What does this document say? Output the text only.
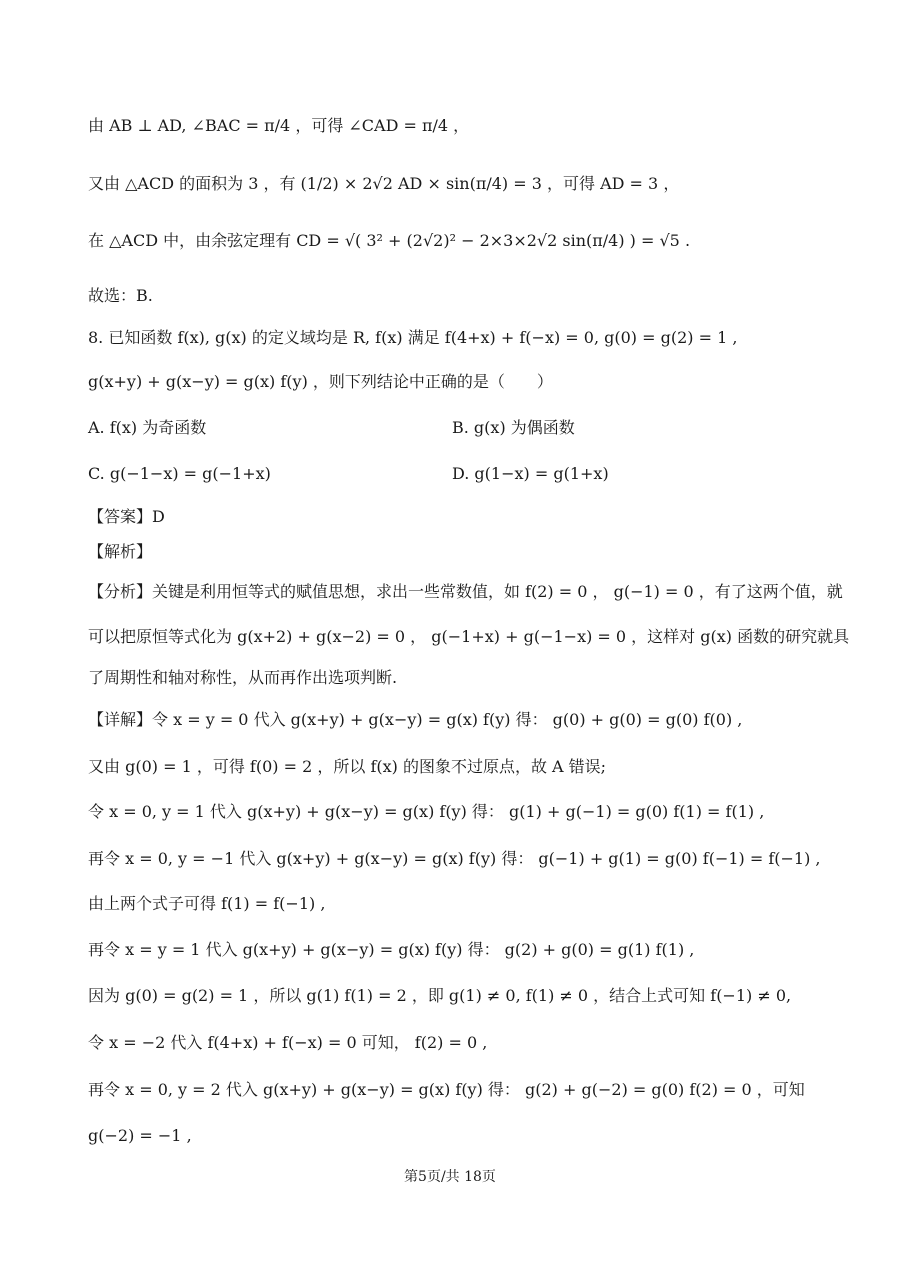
由 AB ⊥ AD, ∠BAC = π/4 ，可得 ∠CAD = π/4 ，
又由 △ACD 的面积为 3 ，有 (1/2) × 2√2 AD × sin(π/4) = 3 ，可得 AD = 3 ，
在 △ACD 中，由余弦定理有 CD = √( 3² + (2√2)² − 2×3×2√2 sin(π/4) ) = √5 .
故选：B.
8. 已知函数 f(x), g(x) 的定义域均是 R, f(x) 满足 f(4+x) + f(−x) = 0, g(0) = g(2) = 1 ,
g(x+y) + g(x−y) = g(x) f(y) ，则下列结论中正确的是（　　）
A. f(x) 为奇函数	B. g(x) 为偶函数
C. g(−1−x) = g(−1+x)	D. g(1−x) = g(1+x)
【答案】D
【解析】
【分析】关键是利用恒等式的赋值思想，求出一些常数值，如 f(2) = 0 ， g(−1) = 0 ，有了这两个值，就
可以把原恒等式化为 g(x+2) + g(x−2) = 0 ， g(−1+x) + g(−1−x) = 0 ，这样对 g(x) 函数的研究就具
了周期性和轴对称性，从而再作出选项判断.
【详解】令 x = y = 0 代入 g(x+y) + g(x−y) = g(x) f(y) 得： g(0) + g(0) = g(0) f(0) ,
又由 g(0) = 1 ，可得 f(0) = 2 ，所以 f(x) 的图象不过原点，故 A 错误;
令 x = 0, y = 1 代入 g(x+y) + g(x−y) = g(x) f(y) 得： g(1) + g(−1) = g(0) f(1) = f(1) ,
再令 x = 0, y = −1 代入 g(x+y) + g(x−y) = g(x) f(y) 得： g(−1) + g(1) = g(0) f(−1) = f(−1) ,
由上两个式子可得 f(1) = f(−1) ,
再令 x = y = 1 代入 g(x+y) + g(x−y) = g(x) f(y) 得： g(2) + g(0) = g(1) f(1) ,
因为 g(0) = g(2) = 1 ，所以 g(1) f(1) = 2 ，即 g(1) ≠ 0, f(1) ≠ 0 ，结合上式可知 f(−1) ≠ 0,
令 x = −2 代入 f(4+x) + f(−x) = 0 可知， f(2) = 0 ,
再令 x = 0, y = 2 代入 g(x+y) + g(x−y) = g(x) f(y) 得： g(2) + g(−2) = g(0) f(2) = 0 ，可知
g(−2) = −1 ,
第5页/共 18页
